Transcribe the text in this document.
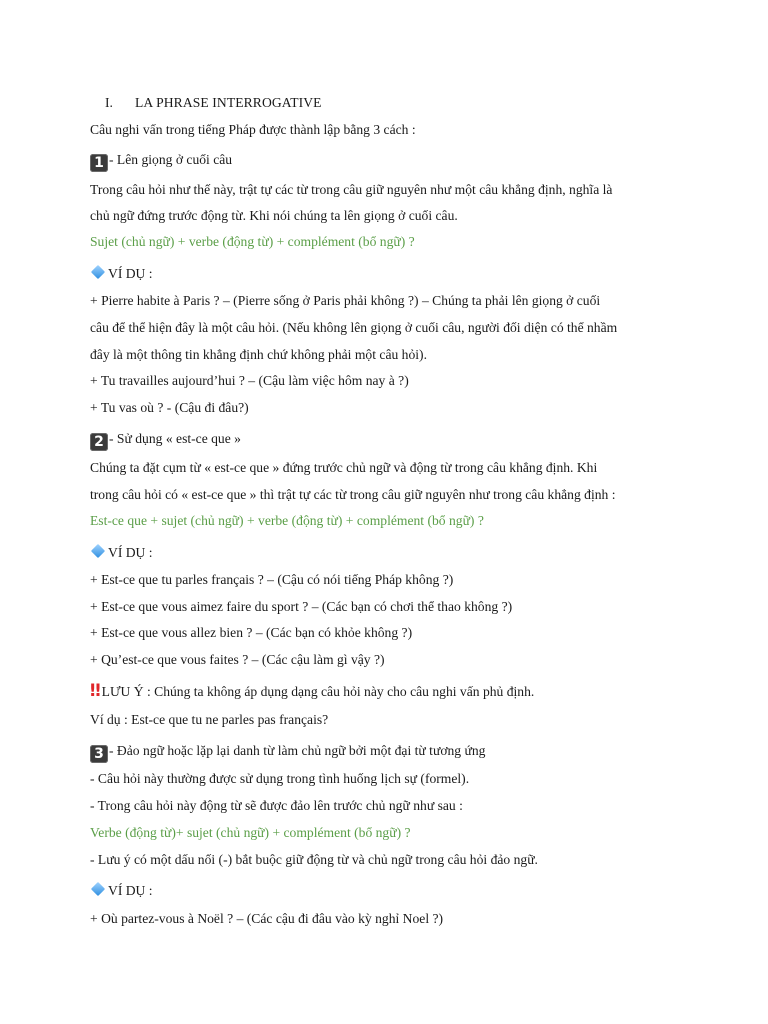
I. LA PHRASE INTERROGATIVE
Câu nghi vấn trong tiếng Pháp được thành lập bằng 3 cách :
1 - Lên giọng ở cuối câu
Trong câu hỏi như thế này, trật tự các từ trong câu giữ nguyên như một câu khẳng định, nghĩa là
chủ ngữ đứng trước động từ. Khi nói chúng ta lên giọng ở cuối câu.
Sujet (chủ ngữ) + verbe (động từ) + complément (bổ ngữ) ?
VÍ DỤ :
+ Pierre habite à Paris ? – (Pierre sống ở Paris phải không ?) – Chúng ta phải lên giọng ở cuối
câu để thể hiện đây là một câu hỏi. (Nếu không lên giọng ở cuối câu, người đối diện có thể nhầm
đây là một thông tin khẳng định chứ không phải một câu hỏi).
+ Tu travailles aujourd’hui ? – (Cậu làm việc hôm nay à ?)
+ Tu vas où ? - (Cậu đi đâu?)
2 - Sử dụng « est-ce que »
Chúng ta đặt cụm từ « est-ce que » đứng trước chủ ngữ và động từ trong câu khẳng định. Khi
trong câu hỏi có « est-ce que » thì trật tự các từ trong câu giữ nguyên như trong câu khẳng định :
Est-ce que + sujet (chủ ngữ) + verbe (động từ) + complément (bổ ngữ) ?
VÍ DỤ :
+ Est-ce que tu parles français ? – (Cậu có nói tiếng Pháp không ?)
+ Est-ce que vous aimez faire du sport ? – (Các bạn có chơi thể thao không ?)
+ Est-ce que vous allez bien ? – (Các bạn có khỏe không ?)
+ Qu’est-ce que vous faites ? – (Các cậu làm gì vậy ?)
‼ LƯU Ý : Chúng ta không áp dụng dạng câu hỏi này cho câu nghi vấn phủ định.
Ví dụ : Est-ce que tu ne parles pas français?
3 - Đảo ngữ hoặc lặp lại danh từ làm chủ ngữ bởi một đại từ tương ứng
- Câu hỏi này thường được sử dụng trong tình huống lịch sự (formel).
- Trong câu hỏi này động từ sẽ được đảo lên trước chủ ngữ như sau :
Verbe (động từ)+ sujet (chủ ngữ) + complément (bổ ngữ) ?
- Lưu ý có một dấu nối (-) bắt buộc giữ động từ và chủ ngữ trong câu hỏi đảo ngữ.
VÍ DỤ :
+ Où partez-vous à Noël ? – (Các cậu đi đâu vào kỳ nghỉ Noel ?)
